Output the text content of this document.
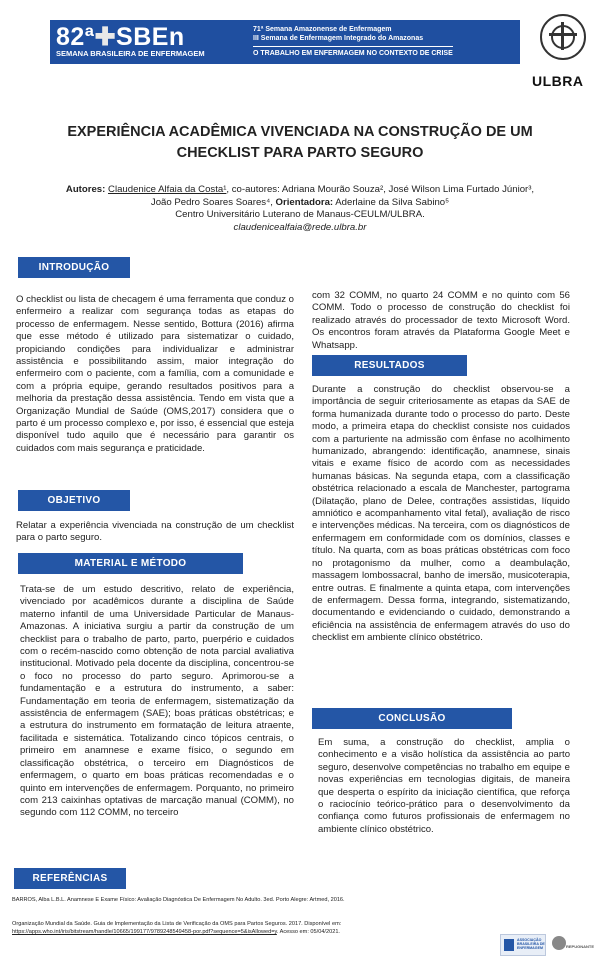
82ª✚SBEn
SEMANA BRASILEIRA DE ENFERMAGEM
71ª Semana Amazonense de Enfermagem
III Semana de Enfermagem Integrado do Amazonas
O TRABALHO EM ENFERMAGEM NO CONTEXTO DE CRISE
ULBRA
EXPERIÊNCIA ACADÊMICA VIVENCIADA NA CONSTRUÇÃO DE UM
CHECKLIST PARA PARTO SEGURO
Autores: Claudenice Alfaia da Costa¹, co-autores: Adriana Mourão Souza², José Wilson Lima Furtado Júnior³,
João Pedro Soares Soares⁴, Orientadora: Aderlaine da Silva Sabino⁵
Centro Universitário Luterano de Manaus-CEULM/ULBRA.
claudenicealfaia@rede.ulbra.br
INTRODUÇÃO
O checklist ou lista de checagem é uma ferramenta que conduz o enfermeiro a realizar com segurança todas as etapas do processo de enfermagem. Nesse sentido, Bottura (2016) afirma que esse método é utilizado para sistematizar o cuidado, propiciando condições para individualizar e administrar assistência e possibilitando assim, maior integração do enfermeiro com o paciente, com a família, com a comunidade e com a própria equipe, gerando resultados positivos para a melhoria da prestação dessa assistência. Tendo em vista que a Organização Mundial de Saúde (OMS,2017) considera que o parto é um processo complexo e, por isso, é essencial que esteja disponível tudo aquilo que é necessário para garantir os cuidados com mais segurança e praticidade.
OBJETIVO
Relatar a experiência vivenciada na construção de um checklist para o parto seguro.
MATERIAL E MÉTODO
Trata-se de um estudo descritivo, relato de experiência, vivenciado por acadêmicos durante a disciplina de Saúde materno infantil de uma Universidade Particular de Manaus-Amazonas. A iniciativa surgiu a partir da construção de um checklist para o trabalho de parto, parto, puerpério e cuidados com o recém-nascido como obtenção de nota parcial avaliativa institucional. Motivado pela docente da disciplina, concentrou-se o foco no processo do parto seguro. Aprimorou-se a fundamentação e a estrutura do instrumento, a saber: Fundamentação em teoria de enfermagem, sistematização da assistência de enfermagem (SAE); boas práticas obstétricas; e a estrutura do instrumento em formatação de leitura atraente, facilitada e sistemática. Totalizando cinco tópicos centrais, o primeiro em anamnese e exame físico, o segundo em classificação obstétrica, o terceiro em Diagnósticos de enfermagem, o quarto em boas práticas recomendadas e o quinto em intervenções de enfermagem. Porquanto, no primeiro com 213 caixinhas optativas de marcação manual (COMM), no segundo com 112 COMM, no terceiro
com 32 COMM, no quarto 24 COMM e no quinto com 56 COMM. Todo o processo de construção do checklist foi realizado através do processador de texto Microsoft Word. Os encontros foram através da Plataforma Google Meet e Whatsapp.
RESULTADOS
Durante a construção do checklist observou-se a importância de seguir criteriosamente as etapas da SAE de forma humanizada durante todo o processo do parto. Deste modo, a primeira etapa do checklist consiste nos cuidados com a parturiente na admissão com ênfase no acolhimento humanizado, abrangendo: identificação, anamnese, sinais vitais e exame físico de acordo com as necessidades humanas básicas. Na segunda etapa, com a classificação obstétrica relacionado a escala de Manchester, partograma (Dilatação, plano de Delee, contrações assistidas, líquido amniótico e acompanhamento vital fetal), avaliação de risco e intervenções médicas. Na terceira, com os diagnósticos de enfermagem em conformidade com os domínios, classes e título. Na quarta, com as boas práticas obstétricas com foco no protagonismo da mulher, como a deambulação, massagem lombossacral, banho de imersão, musicoterapia, entre outras. E finalmente a quinta etapa, com intervenções de enfermagem. Dessa forma, integrando, sistematizando, documentando e evidenciando o cuidado, demonstrando a eficiência na assistência de enfermagem através do uso do checklist em ambiente clínico obstétrico.
CONCLUSÃO
Em suma, a construção do checklist, amplia o conhecimento e a visão holística da assistência ao parto seguro, desenvolve competências no trabalho em equipe e novas experiências em tecnologias digitais, de maneira que desperta o espírito da iniciação científica, que reforça o raciocínio teórico-prático para o desenvolvimento da confiança como futuros profissionais de enfermagem no ambiente clínico obstétrico.
REFERÊNCIAS
BARROS, Alba L.B.L. Anamnese E Exame Físico: Avaliação Diagnóstica De Enfermagem No Adulto. 3ed. Porto Alegre: Artmed, 2016.
Organização Mundial da Saúde. Guia de Implementação da Lista de Verificação da OMS para Partos Seguros. 2017. Disponível em:
https://apps.who.int/iris/bitstream/handle/10665/199177/9789248549458-por.pdf?sequence=5&isAllowed=y. Acesso em: 05/04/2021.
ASSOCIAÇÃO BRASILEIRA DE ENFERMAGEM	REPUGNANTE
